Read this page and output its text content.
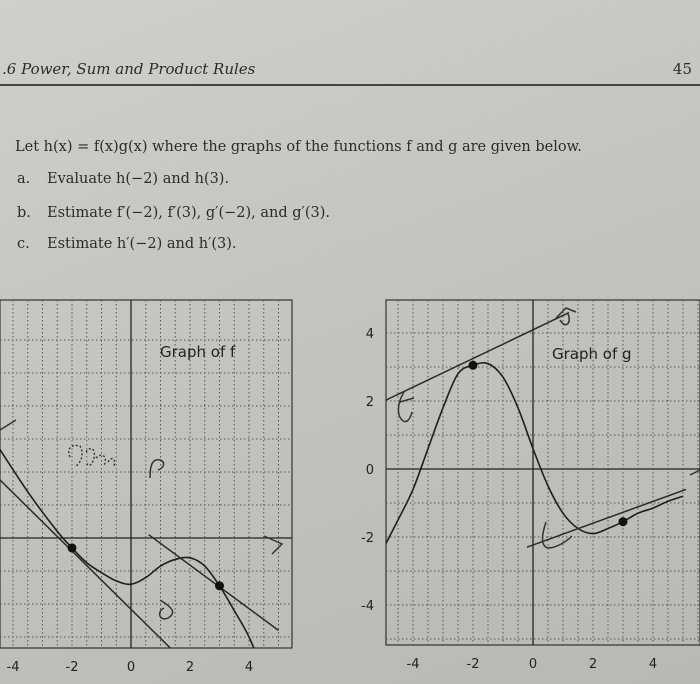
.6 Power, Sum and Product Rules	45
Let h(x) = f(x)g(x) where the graphs of the functions f and g are given below.
a. Evaluate h(−2) and h(3).
b. Estimate f′(−2), f′(3), g′(−2), and g′(3).
c. Estimate h′(−2) and h′(3).
Graph of f
-4	-2	0	2	4
Graph of g
-4	-2	0	2	4
4
2
0
-2
-4
